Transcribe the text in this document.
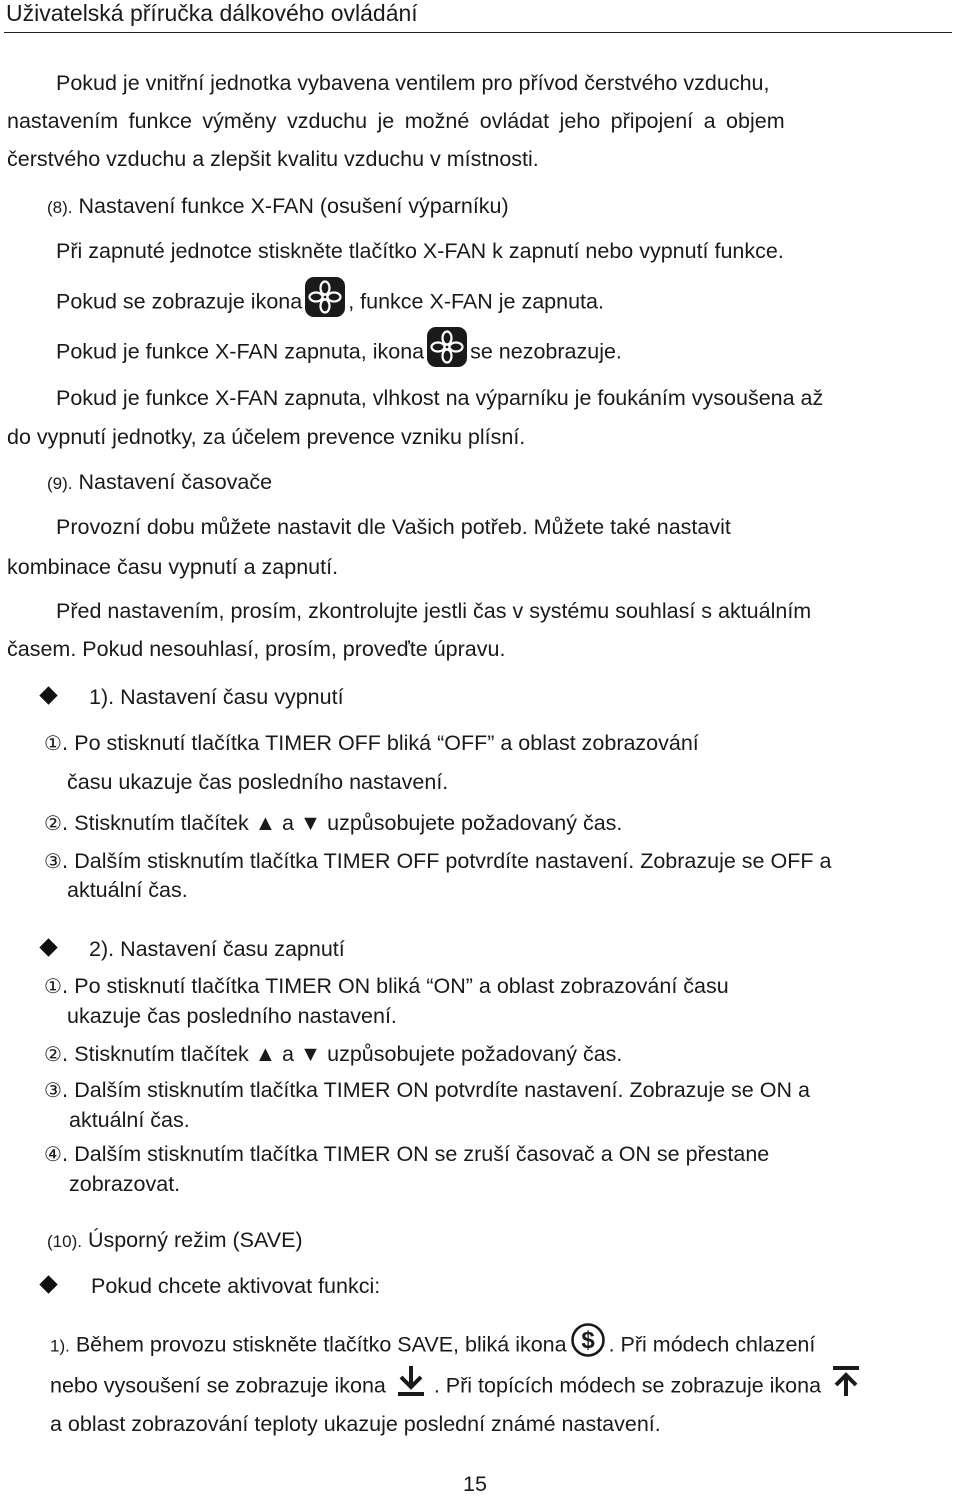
Uživatelská příručka dálkového ovládání
Pokud je vnitřní jednotka vybavena ventilem pro přívod čerstvého vzduchu,
nastavením funkce výměny vzduchu je možné ovládat jeho připojení a objem
čerstvého vzduchu a zlepšit kvalitu vzduchu v místnosti.
(8). Nastavení funkce X-FAN (osušení výparníku)
Při zapnuté jednotce stiskněte tlačítko X-FAN k zapnutí nebo vypnutí funkce.
Pokud se zobrazuje ikona , funkce X-FAN je zapnuta.
Pokud je funkce X-FAN zapnuta, ikona se nezobrazuje.
Pokud je funkce X-FAN zapnuta, vlhkost na výparníku je foukáním vysoušena až
do vypnutí jednotky, za účelem prevence vzniku plísní.
(9). Nastavení časovače
Provozní dobu můžete nastavit dle Vašich potřeb. Můžete také nastavit
kombinace času vypnutí a zapnutí.
Před nastavením, prosím, zkontrolujte jestli čas v systému souhlasí s aktuálním
časem. Pokud nesouhlasí, prosím, proveďte úpravu.
1). Nastavení času vypnutí
①. Po stisknutí tlačítka TIMER OFF bliká “OFF” a oblast zobrazování
času ukazuje čas posledního nastavení.
②. Stisknutím tlačítek ▲ a ▼ uzpůsobujete požadovaný čas.
③. Dalším stisknutím tlačítka TIMER OFF potvrdíte nastavení. Zobrazuje se OFF a
aktuální čas.
2). Nastavení času zapnutí
①. Po stisknutí tlačítka TIMER ON bliká “ON” a oblast zobrazování času
ukazuje čas posledního nastavení.
②. Stisknutím tlačítek ▲ a ▼ uzpůsobujete požadovaný čas.
③. Dalším stisknutím tlačítka TIMER ON potvrdíte nastavení. Zobrazuje se ON a
aktuální čas.
④. Dalším stisknutím tlačítka TIMER ON se zruší časovač a ON se přestane
zobrazovat.
(10). Úsporný režim (SAVE)
Pokud chcete aktivovat funkci:
1). Během provozu stiskněte tlačítko SAVE, bliká ikona $ . Při módech chlazení
nebo vysoušení se zobrazuje ikona . Při topících módech se zobrazuje ikona
a oblast zobrazování teploty ukazuje poslední známé nastavení.
15
